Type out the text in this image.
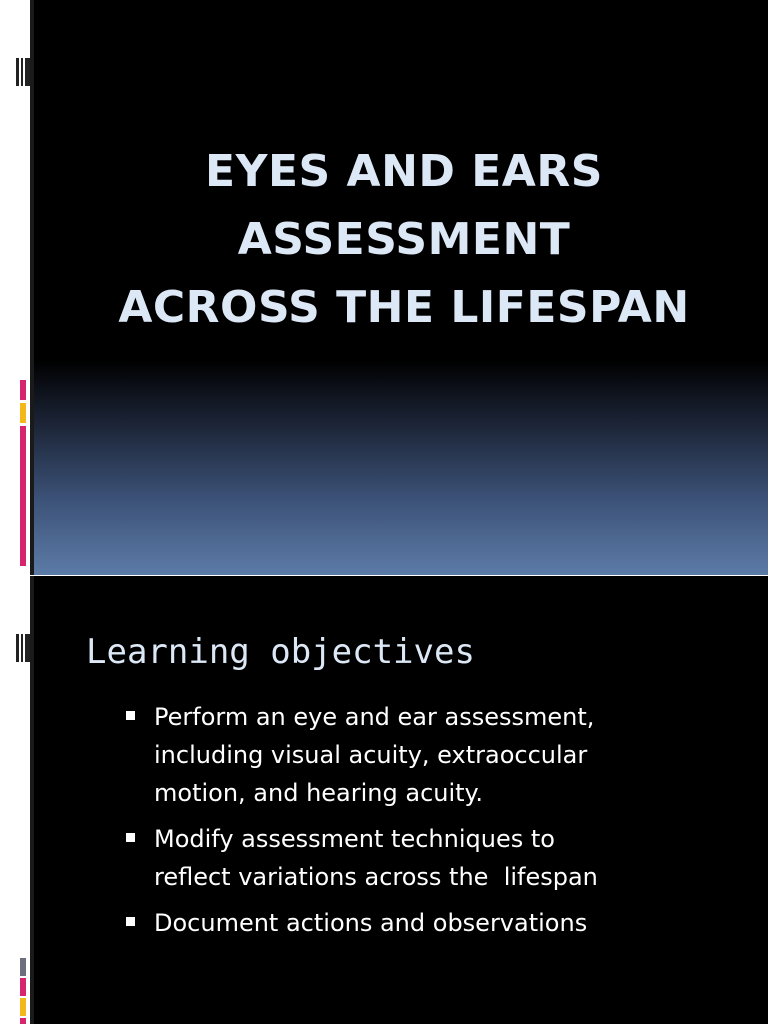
EYES AND EARS
ASSESSMENT
ACROSS THE LIFESPAN
Learning objectives
Perform an eye and ear assessment,
including visual acuity, extraoccular
motion, and hearing acuity.
Modify assessment techniques to
reflect variations across the  lifespan
Document actions and observations
